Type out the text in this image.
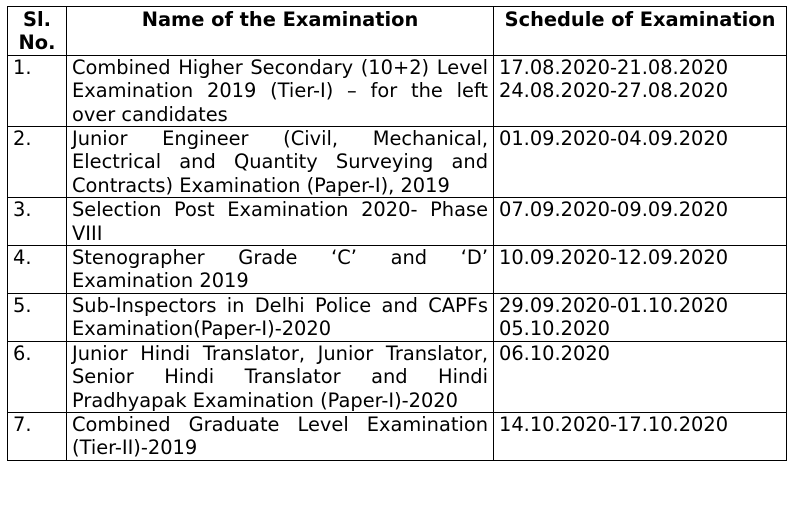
Sl. No.	Name of the Examination	Schedule of Examination
1.	Combined Higher Secondary (10+2) Level Examination 2019 (Tier-I) – for the left over candidates	17.08.2020-21.08.2020
24.08.2020-27.08.2020

2.	Junior Engineer (Civil, Mechanical, Electrical and Quantity Surveying and Contracts) Examination (Paper-I), 2019	01.09.2020-04.09.2020

3.	Selection Post Examination 2020- Phase VIII	07.09.2020-09.09.2020

4.	Stenographer Grade ‘C’ and ‘D’ Examination 2019	10.09.2020-12.09.2020

5.	Sub-Inspectors in Delhi Police and CAPFs Examination(Paper-I)-2020	29.09.2020-01.10.2020
05.10.2020

6.	Junior Hindi Translator, Junior Translator, Senior Hindi Translator and Hindi Pradhyapak Examination (Paper-I)-2020	06.10.2020

7.	Combined Graduate Level Examination (Tier-II)-2019	14.10.2020-17.10.2020
